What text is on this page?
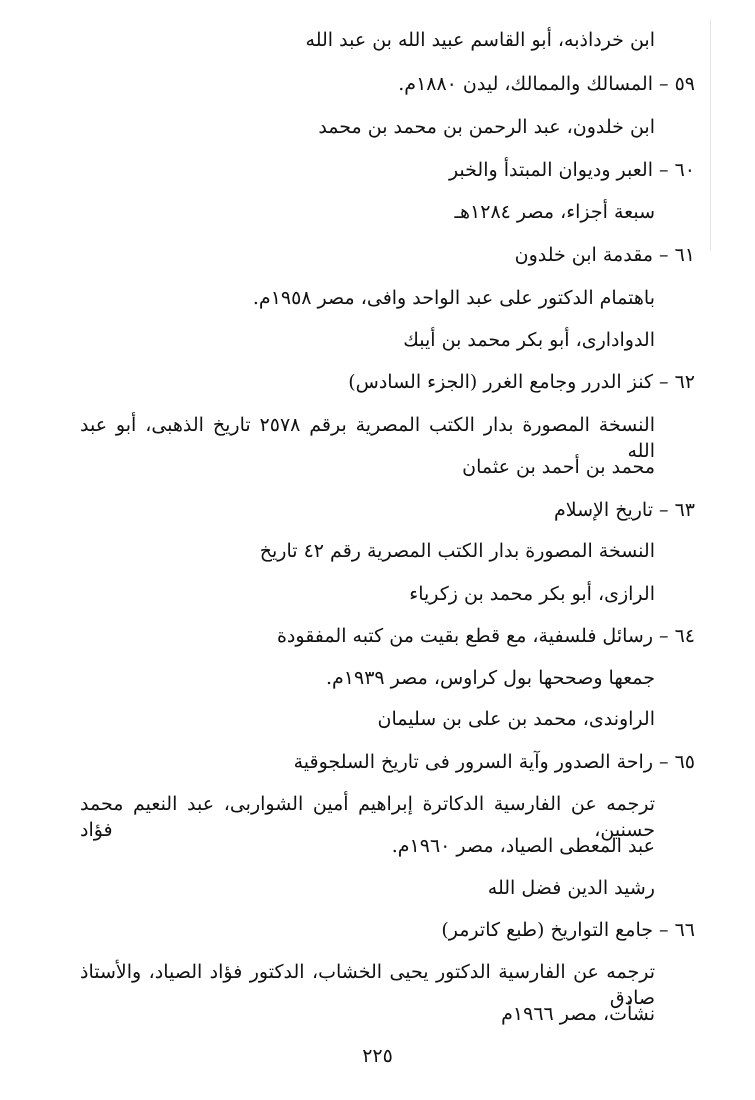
ابن خرداذبه، أبو القاسم عبيد الله بن عبد الله
٥٩ – المسالك والممالك، ليدن ١٨٨٠م.
ابن خلدون، عبد الرحمن بن محمد بن محمد
٦٠ – العبر وديوان المبتدأ والخبر
سبعة أجزاء، مصر ١٢٨٤هـ
٦١ – مقدمة ابن خلدون
باهتمام الدكتور على عبد الواحد وافى، مصر ١٩٥٨م.
الدوادارى، أبو بكر محمد بن أيبك
٦٢ – كنز الدرر وجامع الغرر (الجزء السادس)
النسخة المصورة بدار الكتب المصرية برقم ٢٥٧٨ تاريخ الذهبى، أبو عبد الله
محمد بن أحمد بن عثمان
٦٣ – تاريخ الإسلام
النسخة المصورة بدار الكتب المصرية رقم ٤٢ تاريخ
الرازى، أبو بكر محمد بن زكرياء
٦٤ – رسائل فلسفية، مع قطع بقيت من كتبه المفقودة
جمعها وصححها بول كراوس، مصر ١٩٣٩م.
الراوندى، محمد بن على بن سليمان
٦٥ – راحة الصدور وآية السرور فى تاريخ السلجوقية
ترجمه عن الفارسية الدكاترة إبراهيم أمين الشواربى، عبد النعيم محمد حسنين، فؤاد
عبد المعطى الصياد، مصر ١٩٦٠م.
رشيد الدين فضل الله
٦٦ – جامع التواريخ (طبع كاترمر)
ترجمه عن الفارسية الدكتور يحيى الخشاب، الدكتور فؤاد الصياد، والأستاذ صادق
نشأت، مصر ١٩٦٦م
٢٢٥
